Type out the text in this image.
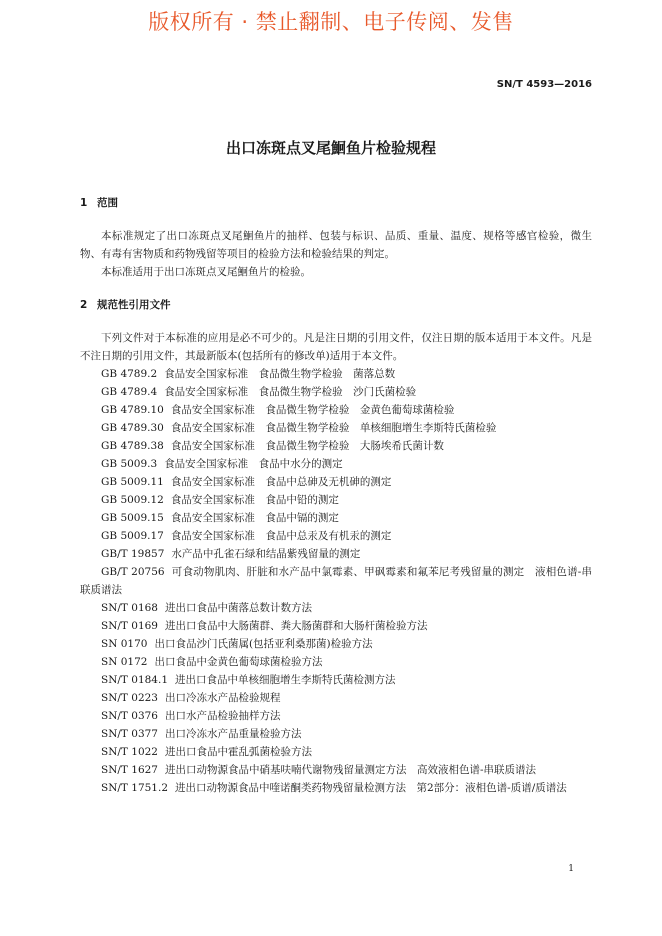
版权所有 · 禁止翻制、电子传阅、发售
SN/T 4593—2016
出口冻斑点叉尾鮰鱼片检验规程
1 范围
本标准规定了出口冻斑点叉尾鮰鱼片的抽样、包装与标识、品质、重量、温度、规格等感官检验，微生物、有毒有害物质和药物残留等项目的检验方法和检验结果的判定。
本标准适用于出口冻斑点叉尾鮰鱼片的检验。
2 规范性引用文件
下列文件对于本标准的应用是必不可少的。凡是注日期的引用文件，仅注日期的版本适用于本文件。凡是不注日期的引用文件，其最新版本(包括所有的修改单)适用于本文件。
GB 4789.2 食品安全国家标准　食品微生物学检验　菌落总数
GB 4789.4 食品安全国家标准　食品微生物学检验　沙门氏菌检验
GB 4789.10 食品安全国家标准　食品微生物学检验　金黄色葡萄球菌检验
GB 4789.30 食品安全国家标准　食品微生物学检验　单核细胞增生李斯特氏菌检验
GB 4789.38 食品安全国家标准　食品微生物学检验　大肠埃希氏菌计数
GB 5009.3 食品安全国家标准　食品中水分的测定
GB 5009.11 食品安全国家标准　食品中总砷及无机砷的测定
GB 5009.12 食品安全国家标准　食品中铅的测定
GB 5009.15 食品安全国家标准　食品中镉的测定
GB 5009.17 食品安全国家标准　食品中总汞及有机汞的测定
GB/T 19857 水产品中孔雀石绿和结晶紫残留量的测定
GB/T 20756 可食动物肌肉、肝脏和水产品中氯霉素、甲砜霉素和氟苯尼考残留量的测定　液相色谱-串联质谱法
SN/T 0168 进出口食品中菌落总数计数方法
SN/T 0169 进出口食品中大肠菌群、粪大肠菌群和大肠杆菌检验方法
SN 0170 出口食品沙门氏菌属(包括亚利桑那菌)检验方法
SN 0172 出口食品中金黄色葡萄球菌检验方法
SN/T 0184.1 进出口食品中单核细胞增生李斯特氏菌检测方法
SN/T 0223 出口冷冻水产品检验规程
SN/T 0376 出口水产品检验抽样方法
SN/T 0377 出口冷冻水产品重量检验方法
SN/T 1022 进出口食品中霍乱弧菌检验方法
SN/T 1627 进出口动物源食品中硝基呋喃代谢物残留量测定方法　高效液相色谱-串联质谱法
SN/T 1751.2 进出口动物源食品中喹诺酮类药物残留量检测方法　第2部分：液相色谱-质谱/质谱法
1
